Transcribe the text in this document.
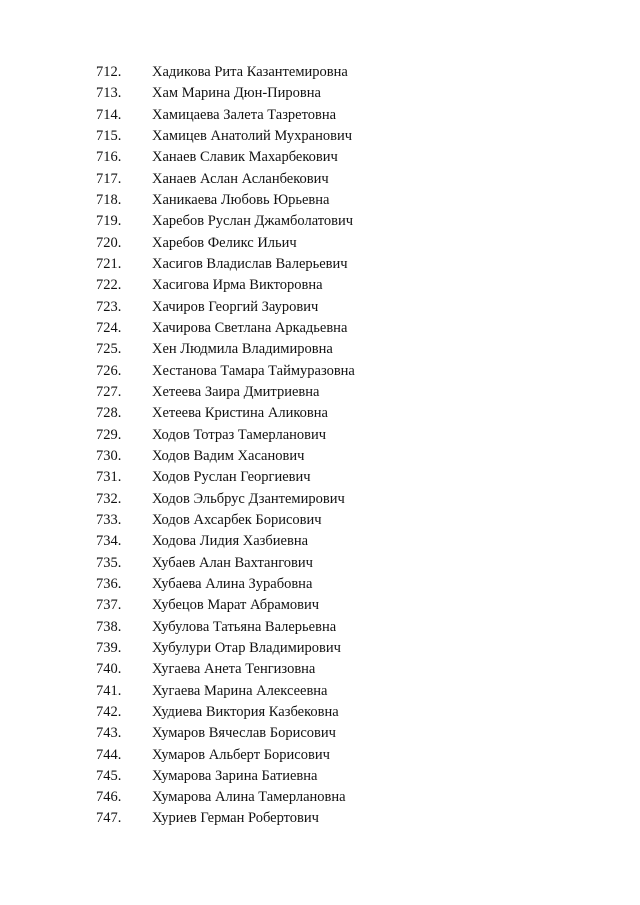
712. Хадикова Рита Казантемировна
713. Хам Марина Дюн-Пировна
714. Хамицаева Залета Тазретовна
715. Хамицев Анатолий Мухранович
716. Ханаев Славик Махарбекович
717. Ханаев Аслан Асланбекович
718. Ханикаева Любовь Юрьевна
719. Харебов Руслан Джамболатович
720. Харебов Феликс Ильич
721. Хасигов Владислав Валерьевич
722. Хасигова Ирма Викторовна
723. Хачиров Георгий Заурович
724. Хачирова Светлана Аркадьевна
725. Хен Людмила Владимировна
726. Хестанова Тамара Таймуразовна
727. Хетеева Заира Дмитриевна
728. Хетеева Кристина Аликовна
729. Ходов Тотраз Тамерланович
730. Ходов Вадим Хасанович
731. Ходов Руслан Георгиевич
732. Ходов Эльбрус Дзантемирович
733. Ходов Ахсарбек Борисович
734. Ходова Лидия Хазбиевна
735. Хубаев Алан Вахтангович
736. Хубаева Алина Зурабовна
737. Хубецов Марат Абрамович
738. Хубулова Татьяна Валерьевна
739. Хубулури Отар Владимирович
740. Хугаева Анета Тенгизовна
741. Хугаева Марина Алексеевна
742. Худиева Виктория Казбековна
743. Хумаров Вячеслав Борисович
744. Хумаров Альберт Борисович
745. Хумарова Зарина Батиевна
746. Хумарова Алина Тамерлановна
747. Хуриев Герман Робертович
